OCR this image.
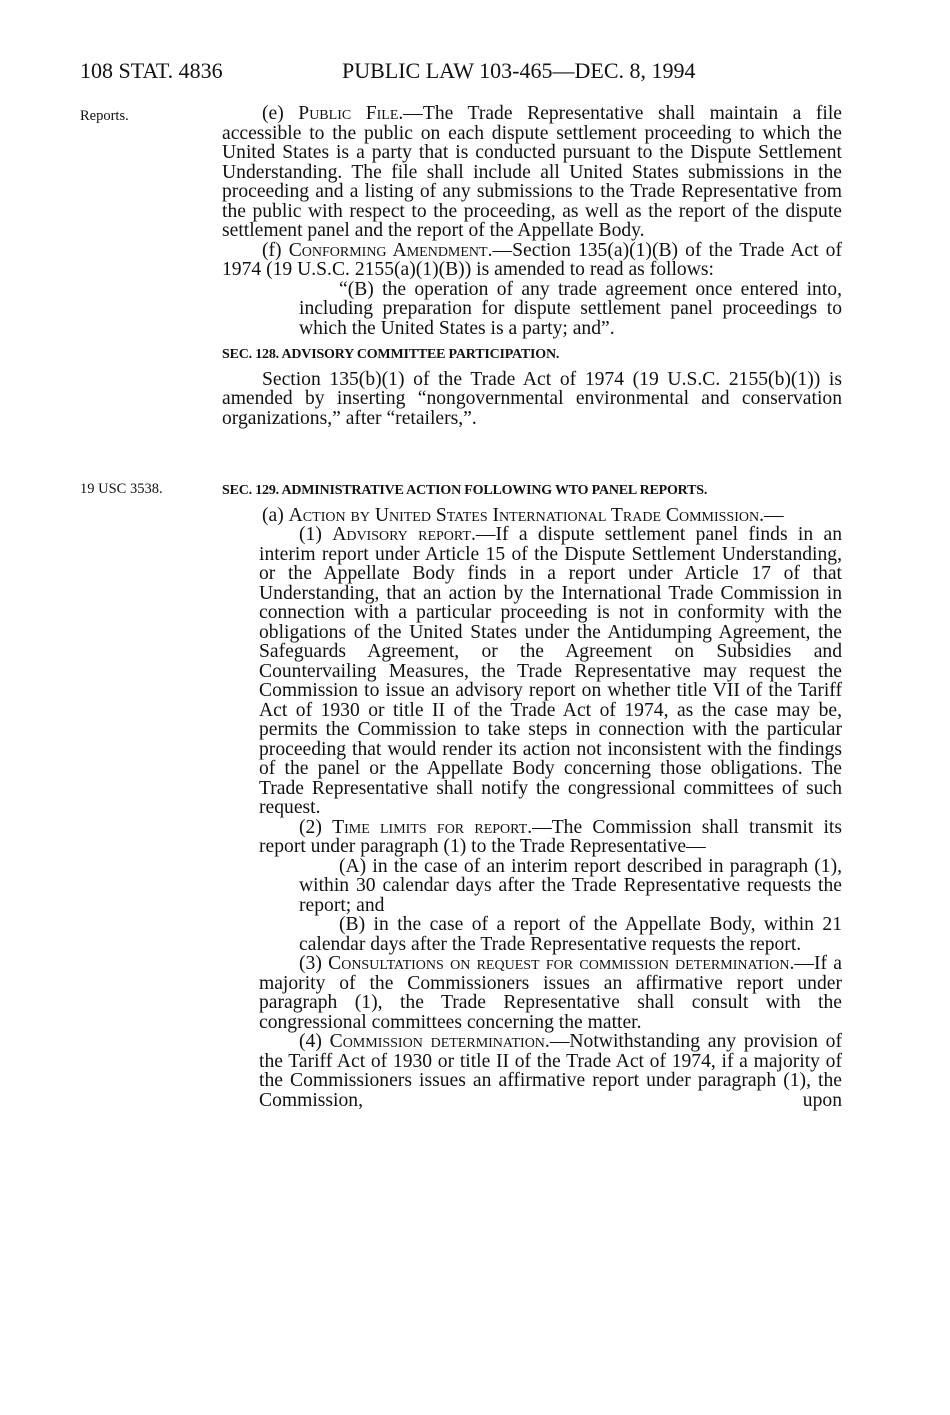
108 STAT. 4836	PUBLIC LAW 103-465—DEC. 8, 1994
Reports.
19 USC 3538.

(e) Public File.—The Trade Representative shall maintain a file accessible to the public on each dispute settlement proceeding to which the United States is a party that is conducted pursuant to the Dispute Settlement Understanding. The file shall include all United States submissions in the proceeding and a listing of any submissions to the Trade Representative from the public with respect to the proceeding, as well as the report of the dispute settlement panel and the report of the Appellate Body.

(f) Conforming Amendment.—Section 135(a)(1)(B) of the Trade Act of 1974 (19 U.S.C. 2155(a)(1)(B)) is amended to read as follows:

“(B) the operation of any trade agreement once entered into, including preparation for dispute settlement panel proceedings to which the United States is a party; and”.

SEC. 128. ADVISORY COMMITTEE PARTICIPATION.

Section 135(b)(1) of the Trade Act of 1974 (19 U.S.C. 2155(b)(1)) is amended by inserting “nongovernmental environmental and conservation organizations,” after “retailers,”.

SEC. 129. ADMINISTRATIVE ACTION FOLLOWING WTO PANEL REPORTS.

(a) Action by United States International Trade Commission.—

(1) Advisory report.—If a dispute settlement panel finds in an interim report under Article 15 of the Dispute Settlement Understanding, or the Appellate Body finds in a report under Article 17 of that Understanding, that an action by the International Trade Commission in connection with a particular proceeding is not in conformity with the obligations of the United States under the Antidumping Agreement, the Safeguards Agreement, or the Agreement on Subsidies and Countervailing Measures, the Trade Representative may request the Commission to issue an advisory report on whether title VII of the Tariff Act of 1930 or title II of the Trade Act of 1974, as the case may be, permits the Commission to take steps in connection with the particular proceeding that would render its action not inconsistent with the findings of the panel or the Appellate Body concerning those obligations. The Trade Representative shall notify the congressional committees of such request.

(2) Time limits for report.—The Commission shall transmit its report under paragraph (1) to the Trade Representative—

(A) in the case of an interim report described in paragraph (1), within 30 calendar days after the Trade Representative requests the report; and

(B) in the case of a report of the Appellate Body, within 21 calendar days after the Trade Representative requests the report.

(3) Consultations on request for commission determination.—If a majority of the Commissioners issues an affirmative report under paragraph (1), the Trade Representative shall consult with the congressional committees concerning the matter.

(4) Commission determination.—Notwithstanding any provision of the Tariff Act of 1930 or title II of the Trade Act of 1974, if a majority of the Commissioners issues an affirmative report under paragraph (1), the Commission, upon
